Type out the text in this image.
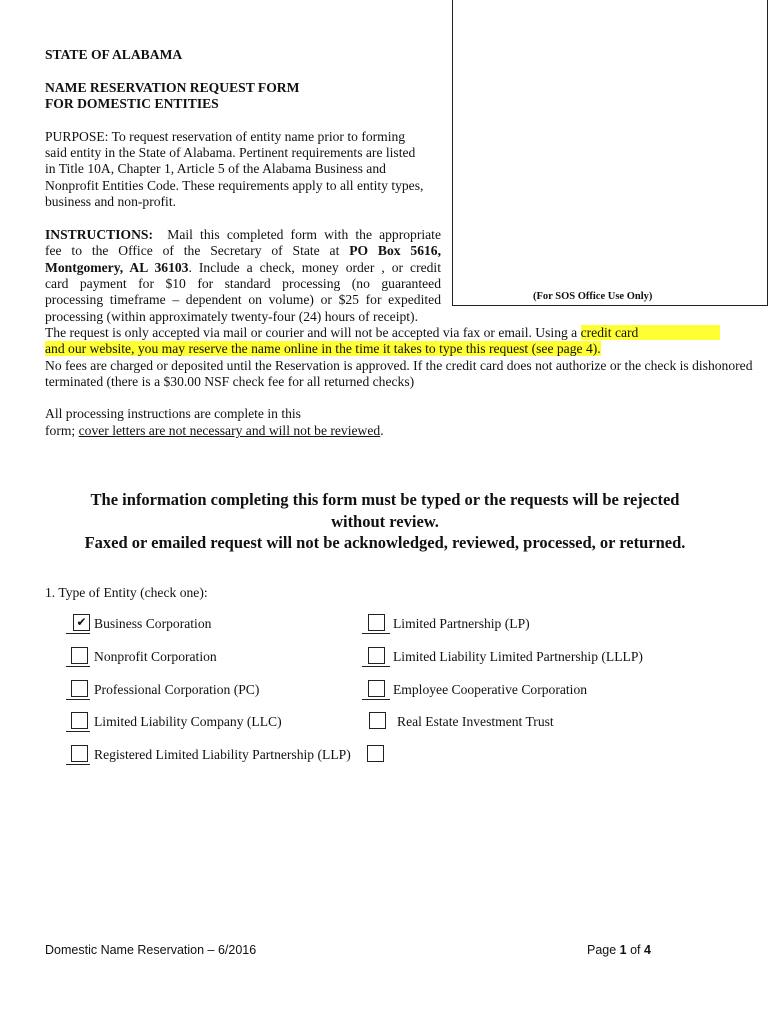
(For SOS Office Use Only)
STATE OF ALABAMA
NAME RESERVATION REQUEST FORM
FOR DOMESTIC ENTITIES
PURPOSE: To request reservation of entity name prior to forming
said entity in the State of Alabama. Pertinent requirements are listed
in Title 10A, Chapter 1, Article 5 of the Alabama Business and
Nonprofit Entities Code. These requirements apply to all entity types,
business and non-profit.
INSTRUCTIONS: Mail this completed form with the appropriate
fee to the Office of the Secretary of State at PO Box 5616,
Montgomery, AL 36103. Include a check, money order , or credit
card payment for $10 for standard processing (no guaranteed
processing timeframe – dependent on volume) or $25 for expedited
processing (within approximately twenty-four (24) hours of receipt).
The request is only accepted via mail or courier and will not be accepted via fax or email. Using a credit card
and our website, you may reserve the name online in the time it takes to type this request (see page 4).
No fees are charged or deposited until the Reservation is approved. If the credit card does not authorize or the check is dishonored
terminated (there is a $30.00 NSF check fee for all returned checks)
All processing instructions are complete in this
form; cover letters are not necessary and will not be reviewed.
The information completing this form must be typed or the requests will be rejected
without review.
Faxed or emailed request will not be acknowledged, reviewed, processed, or returned.
1. Type of Entity (check one):
✔ Business Corporation
Nonprofit Corporation
Professional Corporation (PC)
Limited Liability Company (LLC)
Registered Limited Liability Partnership (LLP)
Limited Partnership (LP)
Limited Liability Limited Partnership (LLLP)
Employee Cooperative Corporation
Real Estate Investment Trust
Domestic Name Reservation – 6/2016	Page 1 of 4
